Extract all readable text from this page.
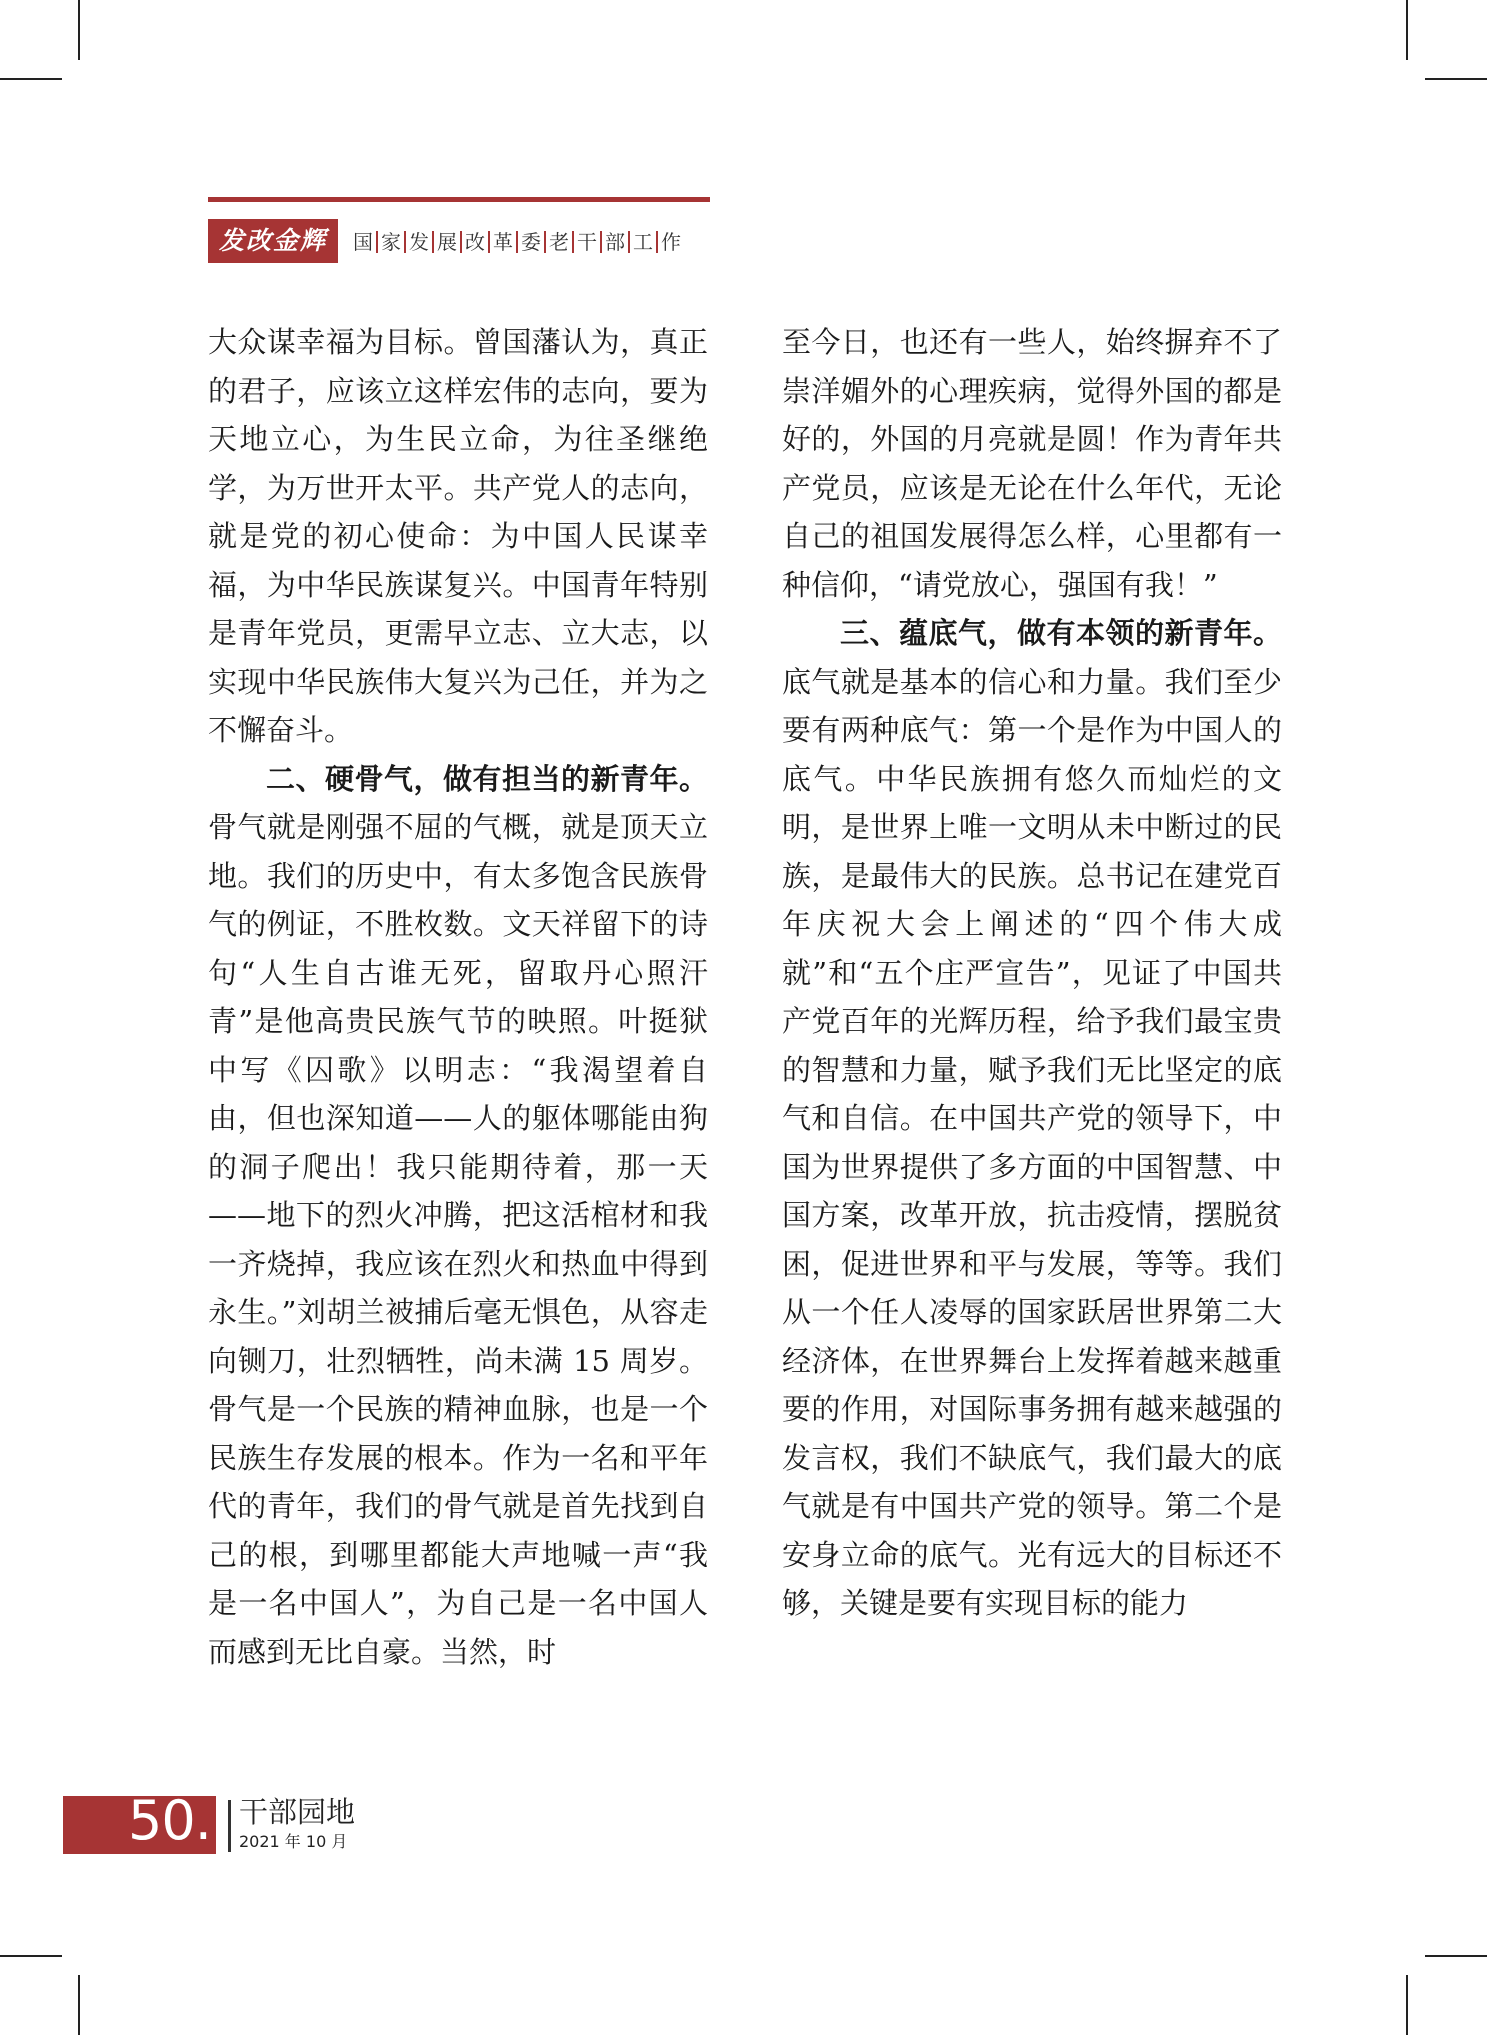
发改金辉	国 家 发 展 改 革 委 老 干 部 工 作

大众谋幸福为目标。曾国藩认为，真正的君子，应该立这样宏伟的志向，要为天地立心，为生民立命，为往圣继绝学，为万世开太平。共产党人的志向，就是党的初心使命：为中国人民谋幸福，为中华民族谋复兴。中国青年特别是青年党员，更需早立志、立大志，以实现中华民族伟大复兴为己任，并为之不懈奋斗。

二、硬骨气，做有担当的新青年。骨气就是刚强不屈的气概，就是顶天立地。我们的历史中，有太多饱含民族骨气的例证，不胜枚数。文天祥留下的诗句“人生自古谁无死，留取丹心照汗青”是他高贵民族气节的映照。叶挺狱中写《囚歌》以明志：“我渴望着自由，但也深知道——人的躯体哪能由狗的洞子爬出！我只能期待着，那一天——地下的烈火冲腾，把这活棺材和我一齐烧掉，我应该在烈火和热血中得到永生。”刘胡兰被捕后毫无惧色，从容走向铡刀，壮烈牺牲，尚未满 15 周岁。骨气是一个民族的精神血脉，也是一个民族生存发展的根本。作为一名和平年代的青年，我们的骨气就是首先找到自己的根，到哪里都能大声地喊一声“我是一名中国人”，为自己是一名中国人而感到无比自豪。当然，时

至今日，也还有一些人，始终摒弃不了崇洋媚外的心理疾病，觉得外国的都是好的，外国的月亮就是圆！作为青年共产党员，应该是无论在什么年代，无论自己的祖国发展得怎么样，心里都有一种信仰，“请党放心，强国有我！”

三、蕴底气，做有本领的新青年。底气就是基本的信心和力量。我们至少要有两种底气：第一个是作为中国人的底气。中华民族拥有悠久而灿烂的文明，是世界上唯一文明从未中断过的民族，是最伟大的民族。总书记在建党百年庆祝大会上阐述的“四个伟大成就”和“五个庄严宣告”，见证了中国共产党百年的光辉历程，给予我们最宝贵的智慧和力量，赋予我们无比坚定的底气和自信。在中国共产党的领导下，中国为世界提供了多方面的中国智慧、中国方案，改革开放，抗击疫情，摆脱贫困，促进世界和平与发展，等等。我们从一个任人凌辱的国家跃居世界第二大经济体，在世界舞台上发挥着越来越重要的作用，对国际事务拥有越来越强的发言权，我们不缺底气，我们最大的底气就是有中国共产党的领导。第二个是安身立命的底气。光有远大的目标还不够，关键是要有实现目标的能力

50. 干部园地
2021 年 10 月
